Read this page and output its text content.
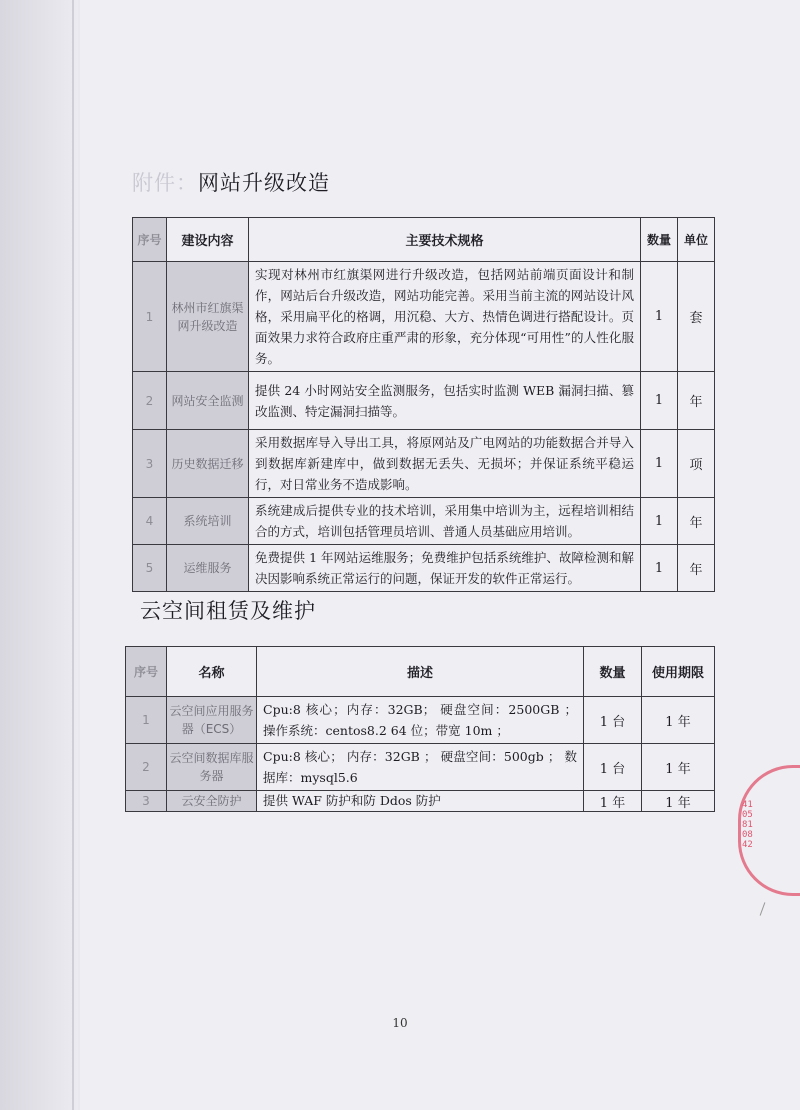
附件：网站升级改造
序号	建设内容	主要技术规格	数量	单位
1	林州市红旗渠网升级改造	实现对林州市红旗渠网进行升级改造，包括网站前端页面设计和制作，网站后台升级改造，网站功能完善。采用当前主流的网站设计风格，采用扁平化的格调，用沉稳、大方、热情色调进行搭配设计。页面效果力求符合政府庄重严肃的形象，充分体现“可用性”的人性化服务。	1	套
2	网站安全监测	提供 24 小时网站安全监测服务，包括实时监测 WEB 漏洞扫描、篡改监测、特定漏洞扫描等。	1	年
3	历史数据迁移	采用数据库导入导出工具，将原网站及广电网站的功能数据合并导入到数据库新建库中，做到数据无丢失、无损坏；并保证系统平稳运行，对日常业务不造成影响。	1	项
4	系统培训	系统建成后提供专业的技术培训，采用集中培训为主，远程培训相结合的方式，培训包括管理员培训、普通人员基础应用培训。	1	年
5	运维服务	免费提供 1 年网站运维服务；免费维护包括系统维护、故障检测和解决因影响系统正常运行的问题，保证开发的软件正常运行。	1	年
云空间租赁及维护
序号	名称	描述	数量	使用期限
1	云空间应用服务器（ECS）	Cpu:8 核心；内存：32GB； 硬盘空间：2500GB ； 操作系统：centos8.2 64 位；带宽 10m ；	1 台	1 年
2	云空间数据库服务器	Cpu:8 核心； 内存：32GB ； 硬盘空间：500gb ； 数据库：mysql5.6	1 台	1 年
3	云安全防护	提供 WAF 防护和防 Ddos 防护	1 年	1 年	4105810842
10
